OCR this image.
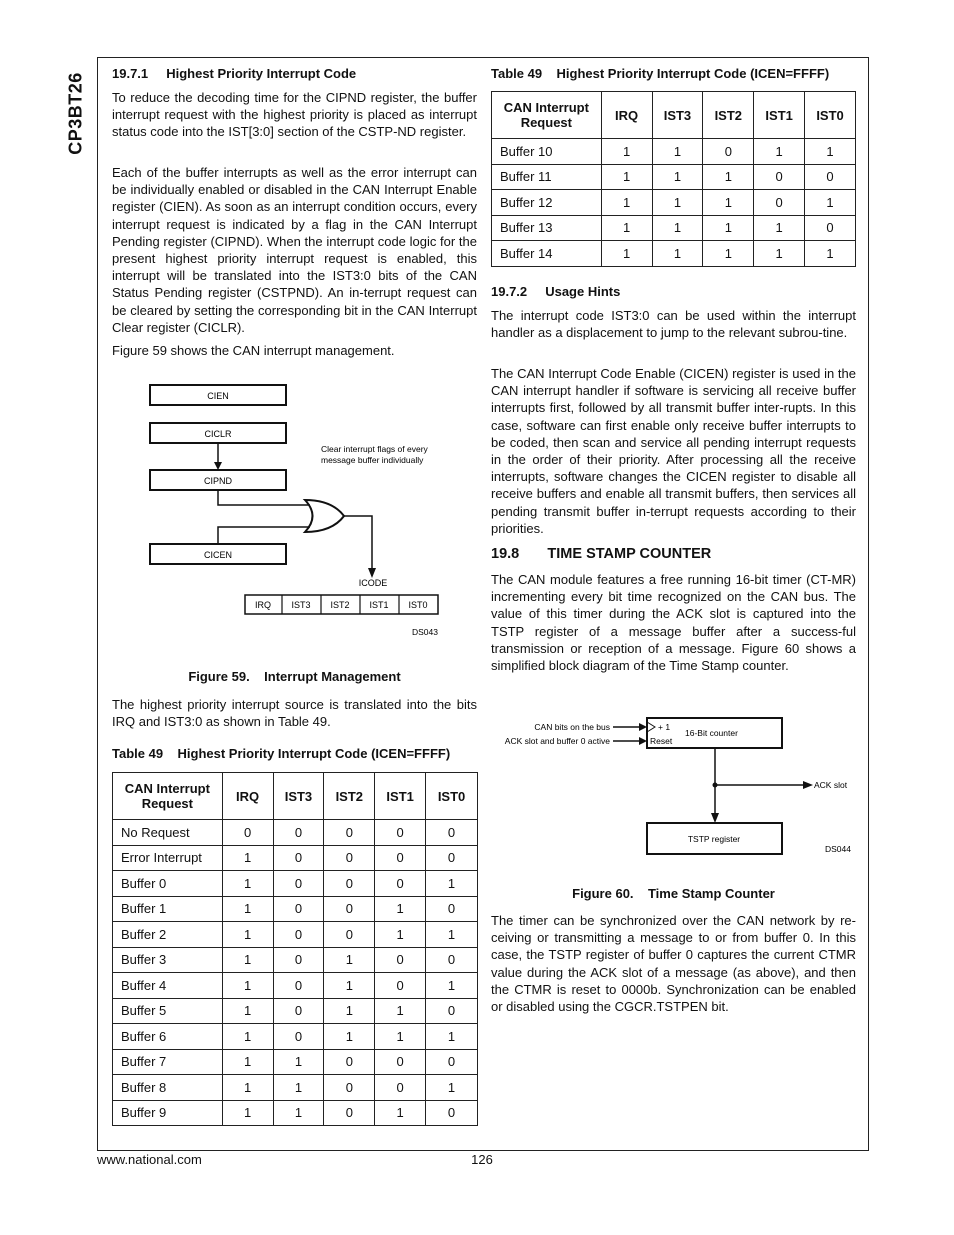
CP3BT26 19.7.1     Highest Priority Interrupt Code
To reduce the decoding time for the CIPND register, the buffer interrupt request with the highest priority is placed as interrupt status code into the IST[3:0] section of the CSTP-ND register.
Each of the buffer interrupts as well as the error interrupt can be individually enabled or disabled in the CAN Interrupt Enable register (CIEN). As soon as an interrupt condition occurs, every interrupt request is indicated by a flag in the CAN Interrupt Pending register (CIPND). When the interrupt code logic for the present highest priority interrupt request is enabled, this interrupt will be translated into the IST3:0 bits of the CAN Status Pending register (CSTPND). An in-terrupt request can be cleared by setting the corresponding bit in the CAN Interrupt Clear register (CICLR).
Figure 59 shows the CAN interrupt management.
CIEN
CICLR
CIPND
CICEN
Clear interrupt flags of every
message buffer individually
ICODE
IRQ IST3 IST2 IST1 IST0
DS043
Figure 59.    Interrupt Management
The highest priority interrupt source is translated into the bits IRQ and IST3:0 as shown in Table 49.
Table 49    Highest Priority Interrupt Code (ICEN=FFFF)
CAN Interrupt Request	IRQ	IST3	IST2	IST1	IST0
No Request	0	0	0	0	0
Error Interrupt	1	0	0	0	0
Buffer 0	1	0	0	0	1
Buffer 1	1	0	0	1	0
Buffer 2	1	0	0	1	1
Buffer 3	1	0	1	0	0
Buffer 4	1	0	1	0	1
Buffer 5	1	0	1	1	0
Buffer 6	1	0	1	1	1
Buffer 7	1	1	0	0	0
Buffer 8	1	1	0	0	1
Buffer 9	1	1	0	1	0
Table 49    Highest Priority Interrupt Code (ICEN=FFFF)
CAN Interrupt Request	IRQ	IST3	IST2	IST1	IST0
Buffer 10	1	1	0	1	1
Buffer 11	1	1	1	0	0
Buffer 12	1	1	1	0	1
Buffer 13	1	1	1	1	0
Buffer 14	1	1	1	1	1
19.7.2     Usage Hints
The interrupt code IST3:0 can be used within the interrupt handler as a displacement to jump to the relevant subrou-tine.
The CAN Interrupt Code Enable (CICEN) register is used in the CAN interrupt handler if software is servicing all receive buffer interrupts first, followed by all transmit buffer inter-rupts. In this case, software can first enable only receive buffer interrupts to be coded, then scan and service all pending interrupt requests in the order of their priority. After processing all the receive interrupts, software changes the CICEN register to disable all receive buffers and enable all transmit buffers, then services all pending transmit buffer in-terrupt requests according to their priorities.
19.8       TIME STAMP COUNTER
The CAN module features a free running 16-bit timer (CT-MR) incrementing every bit time recognized on the CAN bus. The value of this timer during the ACK slot is captured into the TSTP register of a message buffer after a success-ful transmission or reception of a message. Figure 60 shows a simplified block diagram of the Time Stamp counter.
CAN bits on the bus
ACK slot and buffer 0 active
+ 1
Reset
16-Bit counter
ACK slot
TSTP register
DS044
Figure 60.    Time Stamp Counter
The timer can be synchronized over the CAN network by re-ceiving or transmitting a message to or from buffer 0. In this case, the TSTP register of buffer 0 captures the current CTMR value during the ACK slot of a message (as above), and then the CTMR is reset to 0000b. Synchronization can be enabled or disabled using the CGCR.TSTPEN bit.
www.national.com	126
